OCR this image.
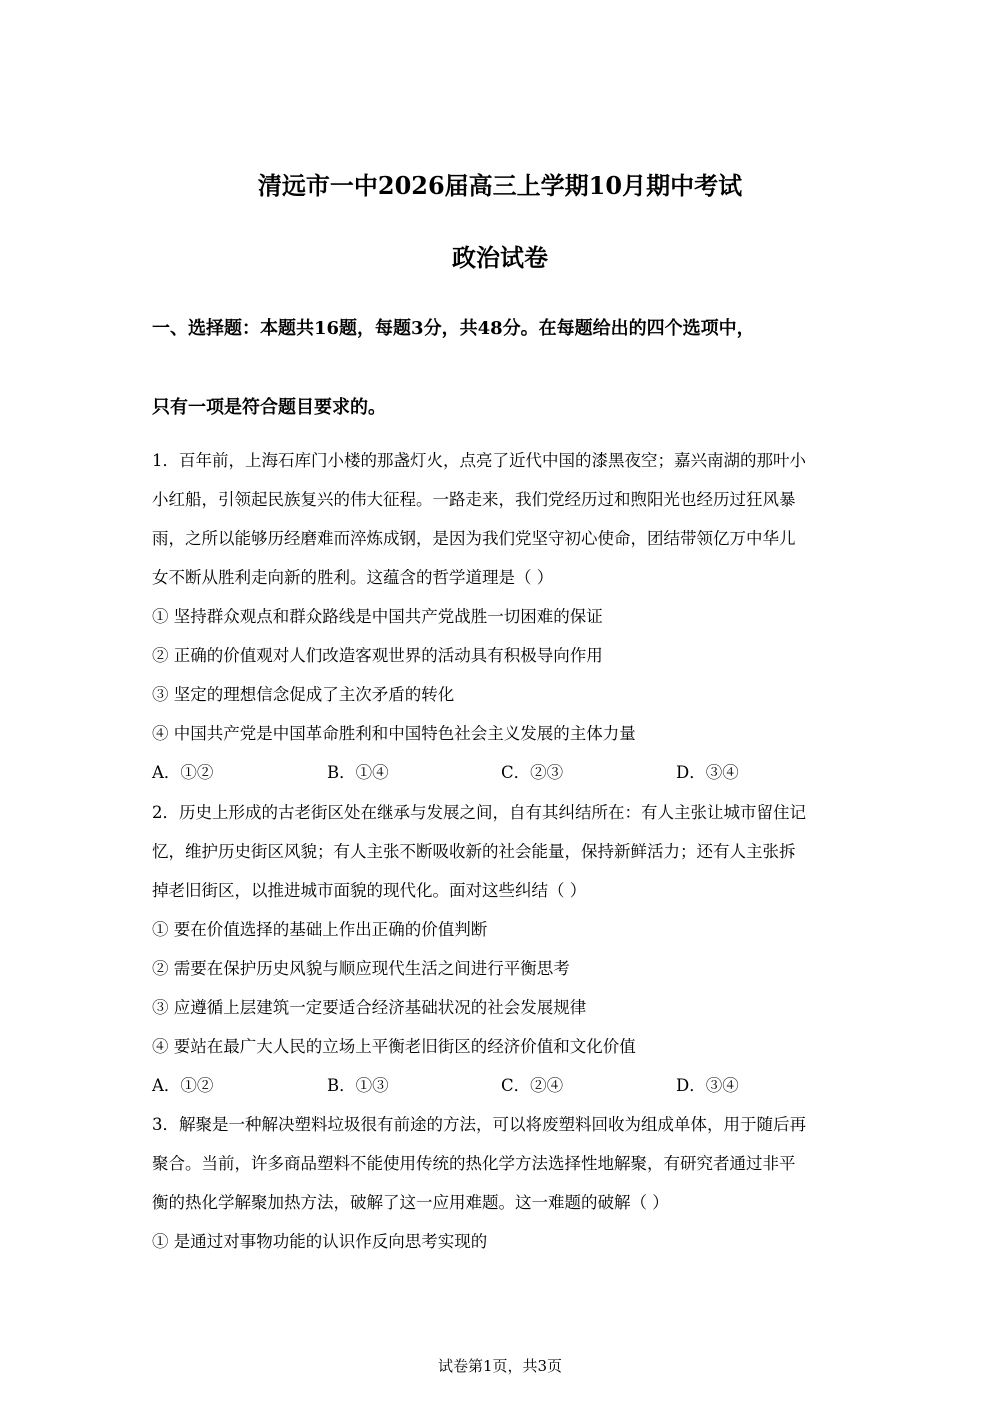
清远市一中2026届高三上学期10月期中考试
政治试卷
一、选择题：本题共16题，每题3分，共48分。在每题给出的四个选项中，
只有一项是符合题目要求的。
1．百年前，上海石库门小楼的那盏灯火，点亮了近代中国的漆黑夜空；嘉兴南湖的那叶小
小红船，引领起民族复兴的伟大征程。一路走来，我们党经历过和煦阳光也经历过狂风暴
雨，之所以能够历经磨难而淬炼成钢，是因为我们党坚守初心使命，团结带领亿万中华儿
女不断从胜利走向新的胜利。这蕴含的哲学道理是（ ）
① 坚持群众观点和群众路线是中国共产党战胜一切困难的保证
② 正确的价值观对人们改造客观世界的活动具有积极导向作用
③ 坚定的理想信念促成了主次矛盾的转化
④ 中国共产党是中国革命胜利和中国特色社会主义发展的主体力量
A．①②	B．①④	C．②③	D．③④
2．历史上形成的古老街区处在继承与发展之间，自有其纠结所在：有人主张让城市留住记
忆，维护历史街区风貌；有人主张不断吸收新的社会能量，保持新鲜活力；还有人主张拆
掉老旧街区，以推进城市面貌的现代化。面对这些纠结（ ）
① 要在价值选择的基础上作出正确的价值判断
② 需要在保护历史风貌与顺应现代生活之间进行平衡思考
③ 应遵循上层建筑一定要适合经济基础状况的社会发展规律
④ 要站在最广大人民的立场上平衡老旧街区的经济价值和文化价值
A．①②	B．①③	C．②④	D．③④
3．解聚是一种解决塑料垃圾很有前途的方法，可以将废塑料回收为组成单体，用于随后再
聚合。当前，许多商品塑料不能使用传统的热化学方法选择性地解聚，有研究者通过非平
衡的热化学解聚加热方法，破解了这一应用难题。这一难题的破解（ ）
① 是通过对事物功能的认识作反向思考实现的
试卷第1页，共3页
